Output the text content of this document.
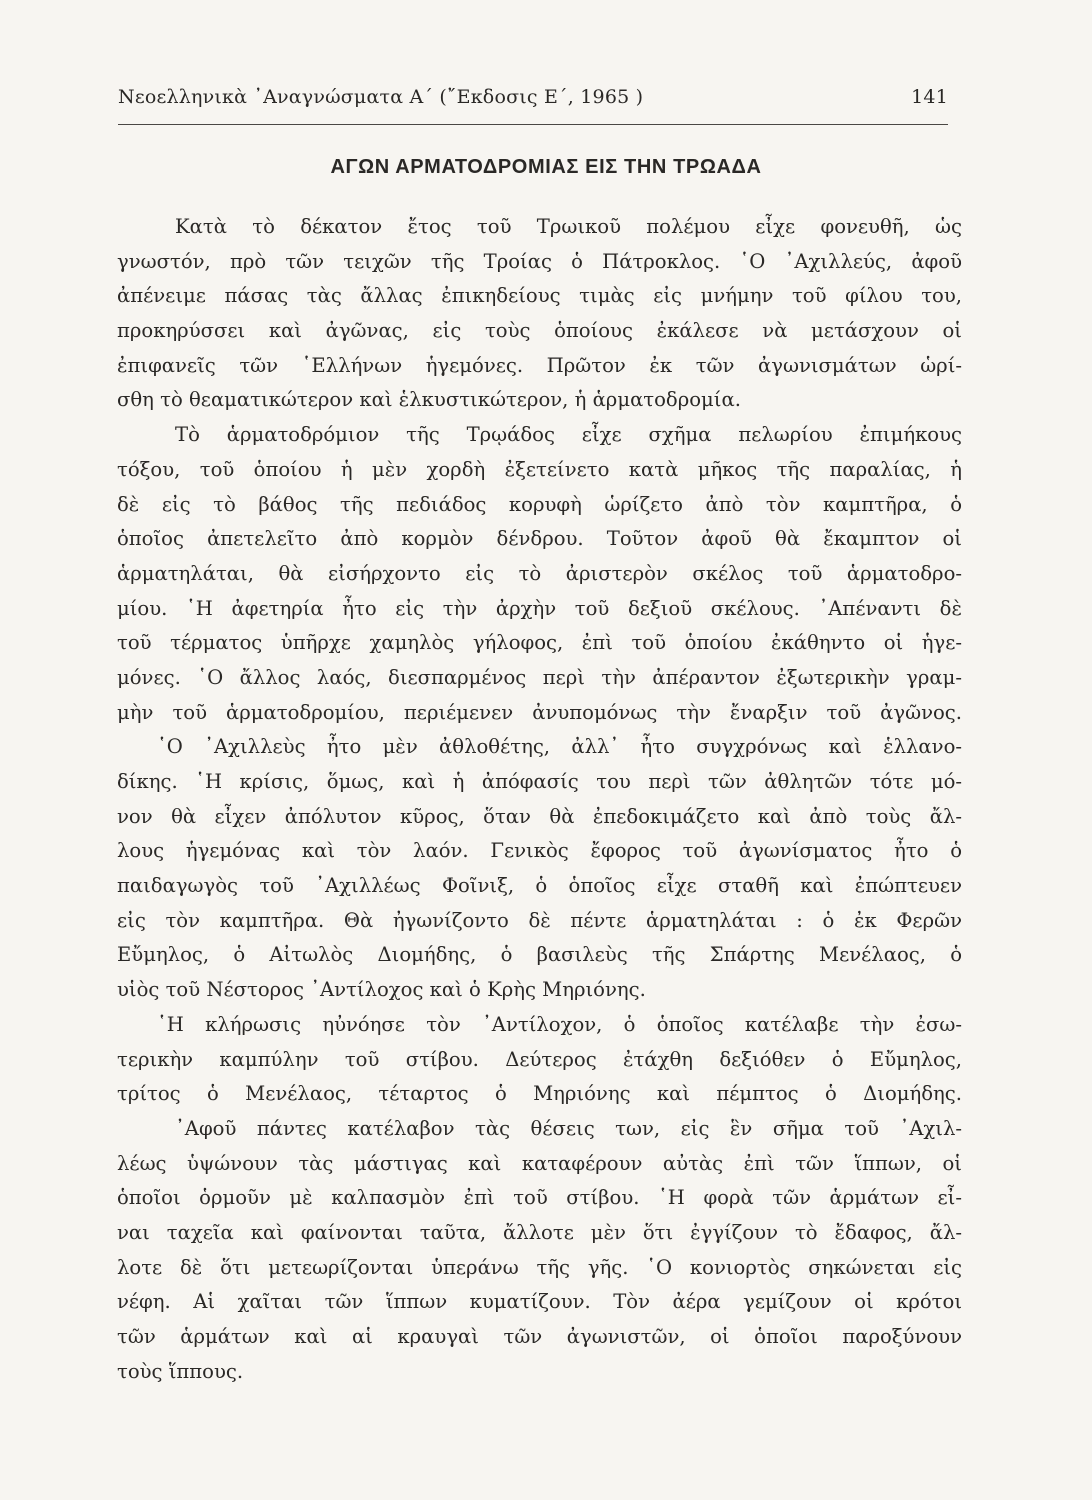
Νεοελληνικὰ ᾿Αναγνώσματα Α΄ (῎Εκδοσις Ε΄, 1965 )	141
ΑΓΩΝ ΑΡΜΑΤΟΔΡΟΜΙΑΣ ΕΙΣ ΤΗΝ ΤΡΩΑΔΑ
Κατὰ τὸ δέκατον ἔτος τοῦ Τρωικοῦ πολέμου εἶχε φονευθῆ, ὡς
γνωστόν, πρὸ τῶν τειχῶν τῆς Τροίας ὁ Πάτροκλος. ῾Ο ᾿Αχιλλεύς, ἀφοῦ
ἀπένειμε πάσας τὰς ἄλλας ἐπικηδείους τιμὰς εἰς μνήμην τοῦ φίλου του,
προκηρύσσει καὶ ἀγῶνας, εἰς τοὺς ὁποίους ἐκάλεσε νὰ μετάσχουν οἱ
ἐπιφανεῖς τῶν ῾Ελλήνων ἡγεμόνες. Πρῶτον ἐκ τῶν ἀγωνισμάτων ὡρί-
σθη τὸ θεαματικώτερον καὶ ἑλκυστικώτερον, ἡ ἁρματοδρομία.
Τὸ ἁρματοδρόμιον τῆς Τρῳάδος εἶχε σχῆμα πελωρίου ἐπιμήκους
τόξου, τοῦ ὁποίου ἡ μὲν χορδὴ ἐξετείνετο κατὰ μῆκος τῆς παραλίας, ἡ
δὲ εἰς τὸ βάθος τῆς πεδιάδος κορυφὴ ὡρίζετο ἀπὸ τὸν καμπτῆρα, ὁ
ὁποῖος ἀπετελεῖτο ἀπὸ κορμὸν δένδρου. Τοῦτον ἀφοῦ θὰ ἔκαμπτον οἱ
ἁρματηλάται, θὰ εἰσήρχοντο εἰς τὸ ἀριστερὸν σκέλος τοῦ ἁρματοδρο-
μίου. ῾Η ἀφετηρία ἦτο εἰς τὴν ἀρχὴν τοῦ δεξιοῦ σκέλους. ᾿Απέναντι δὲ
τοῦ τέρματος ὑπῆρχε χαμηλὸς γήλοφος, ἐπὶ τοῦ ὁποίου ἐκάθηντο οἱ ἡγε-
μόνες. ῾Ο ἄλλος λαός, διεσπαρμένος περὶ τὴν ἀπέραντον ἐξωτερικὴν γραμ-
μὴν τοῦ ἁρματοδρομίου, περιέμενεν ἀνυπομόνως τὴν ἔναρξιν τοῦ ἀγῶνος.
῾Ο ᾿Αχιλλεὺς ἦτο μὲν ἀθλοθέτης, ἀλλ᾿ ἦτο συγχρόνως καὶ ἑλλανο-
δίκης. ῾Η κρίσις, ὅμως, καὶ ἡ ἀπόφασίς του περὶ τῶν ἀθλητῶν τότε μό-
νον θὰ εἶχεν ἀπόλυτον κῦρος, ὅταν θὰ ἐπεδοκιμάζετο καὶ ἀπὸ τοὺς ἄλ-
λους ἡγεμόνας καὶ τὸν λαόν. Γενικὸς ἔφορος τοῦ ἀγωνίσματος ἦτο ὁ
παιδαγωγὸς τοῦ ᾿Αχιλλέως Φοῖνιξ, ὁ ὁποῖος εἶχε σταθῆ καὶ ἐπώπτευεν
εἰς τὸν καμπτῆρα. Θὰ ἠγωνίζοντο δὲ πέντε ἁρματηλάται : ὁ ἐκ Φερῶν
Εὔμηλος, ὁ Αἰτωλὸς Διομήδης, ὁ βασιλεὺς τῆς Σπάρτης Μενέλαος, ὁ
υἱὸς τοῦ Νέστορος ᾿Αντίλοχος καὶ ὁ Κρὴς Μηριόνης.
῾Η κλήρωσις ηὐνόησε τὸν ᾿Αντίλοχον, ὁ ὁποῖος κατέλαβε τὴν ἐσω-
τερικὴν καμπύλην τοῦ στίβου. Δεύτερος ἐτάχθη δεξιόθεν ὁ Εὔμηλος,
τρίτος ὁ Μενέλαος, τέταρτος ὁ Μηριόνης καὶ πέμπτος ὁ Διομήδης.
᾿Αφοῦ πάντες κατέλαβον τὰς θέσεις των, εἰς ἓν σῆμα τοῦ ᾿Αχιλ-
λέως ὑψώνουν τὰς μάστιγας καὶ καταφέρουν αὐτὰς ἐπὶ τῶν ἵππων, οἱ
ὁποῖοι ὁρμοῦν μὲ καλπασμὸν ἐπὶ τοῦ στίβου. ῾Η φορὰ τῶν ἁρμάτων εἶ-
ναι ταχεῖα καὶ φαίνονται ταῦτα, ἄλλοτε μὲν ὅτι ἐγγίζουν τὸ ἔδαφος, ἄλ-
λοτε δὲ ὅτι μετεωρίζονται ὑπεράνω τῆς γῆς. ῾Ο κονιορτὸς σηκώνεται εἰς
νέφη. Αἱ χαῖται τῶν ἵππων κυματίζουν. Τὸν ἀέρα γεμίζουν οἱ κρότοι
τῶν ἁρμάτων καὶ αἱ κραυγαὶ τῶν ἀγωνιστῶν, οἱ ὁποῖοι παροξύνουν
τοὺς ἵππους.
